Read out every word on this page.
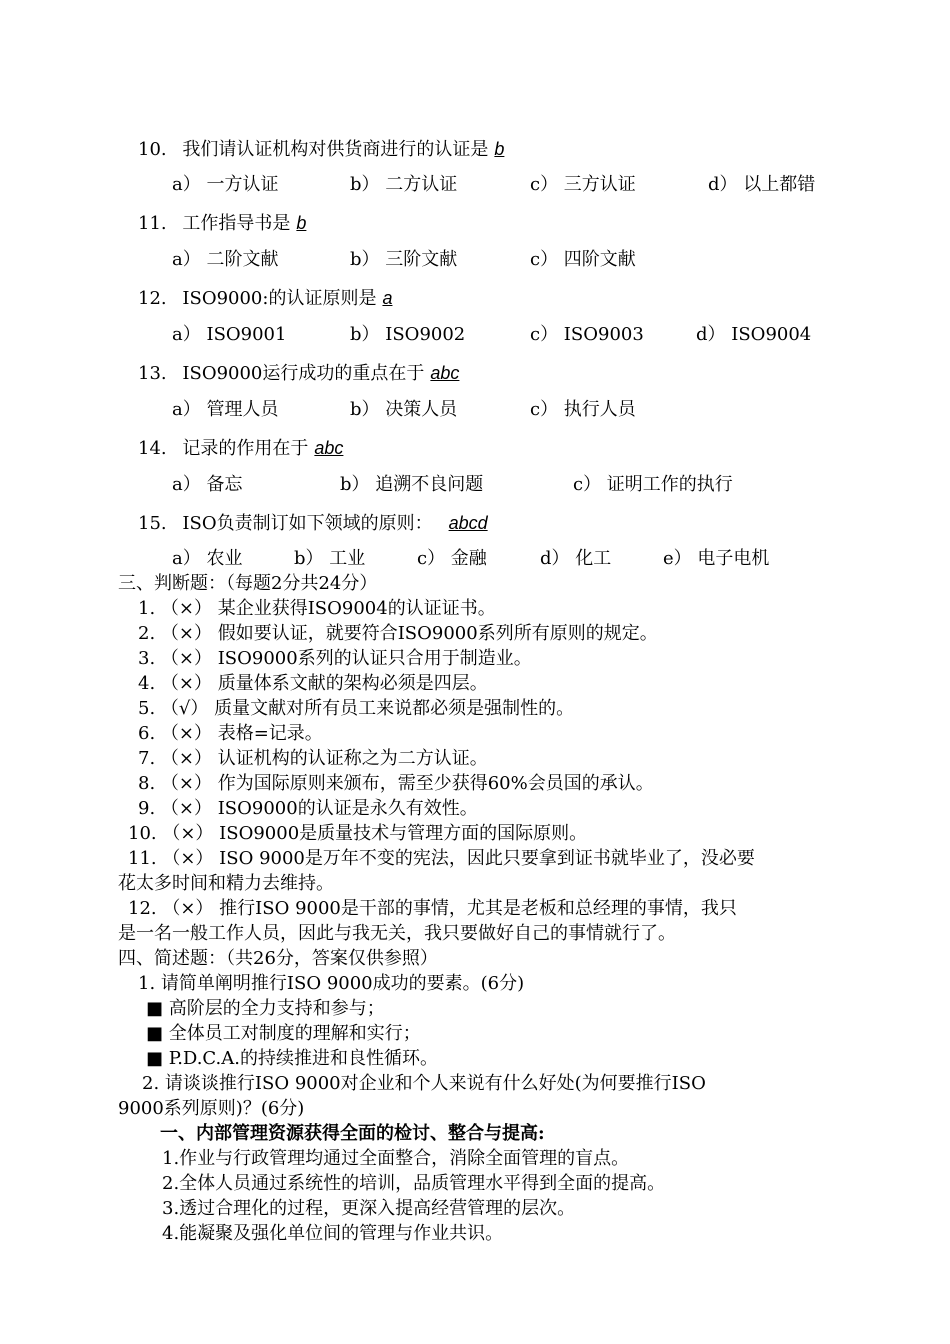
10. 我们请认证机构对供货商进行的认证是 b
a） 一方认证	b） 二方认证	c） 三方认证	d） 以上都错
11. 工作指导书是 b
a） 二阶文献	b） 三阶文献	c） 四阶文献
12. ISO9000:的认证原则是 a
a） ISO9001	b） ISO9002	c） ISO9003	d） ISO9004
13. ISO9000运行成功的重点在于 abc
a） 管理人员	b） 决策人员	c） 执行人员
14. 记录的作用在于 abc
a） 备忘	b） 追溯不良问题	c） 证明工作的执行
15. ISO负责制订如下领域的原则： abcd
a） 农业	b） 工业	c） 金融	d） 化工	e） 电子电机
三、判断题：（每题2分共24分）
1. （×） 某企业获得ISO9004的认证证书。
2. （×） 假如要认证，就要符合ISO9000系列所有原则的规定。
3. （×） ISO9000系列的认证只合用于制造业。
4. （×） 质量体系文献的架构必须是四层。
5. （√） 质量文献对所有员工来说都必须是强制性的。
6. （×） 表格=记录。
7. （×） 认证机构的认证称之为二方认证。
8. （×） 作为国际原则来颁布，需至少获得60%会员国的承认。
9. （×） ISO9000的认证是永久有效性。
10. （×） ISO9000是质量技术与管理方面的国际原则。
11. （×） ISO 9000是万年不变的宪法，因此只要拿到证书就毕业了，没必要
花太多时间和精力去维持。
12. （×） 推行ISO 9000是干部的事情，尤其是老板和总经理的事情，我只
是一名一般工作人员，因此与我无关，我只要做好自己的事情就行了。
四、简述题：（共26分，答案仅供参照）
1. 请简单阐明推行ISO 9000成功的要素。(6分)
■ 高阶层的全力支持和参与；
■ 全体员工对制度的理解和实行；
■ P.D.C.A.的持续推进和良性循环。
2. 请谈谈推行ISO 9000对企业和个人来说有什么好处(为何要推行ISO
9000系列原则)？(6分)
一、内部管理资源获得全面的检讨、整合与提高:
1.作业与行政管理均通过全面整合，消除全面管理的盲点。
2.全体人员通过系统性的培训，品质管理水平得到全面的提高。
3.透过合理化的过程，更深入提高经营管理的层次。
4.能凝聚及强化单位间的管理与作业共识。
